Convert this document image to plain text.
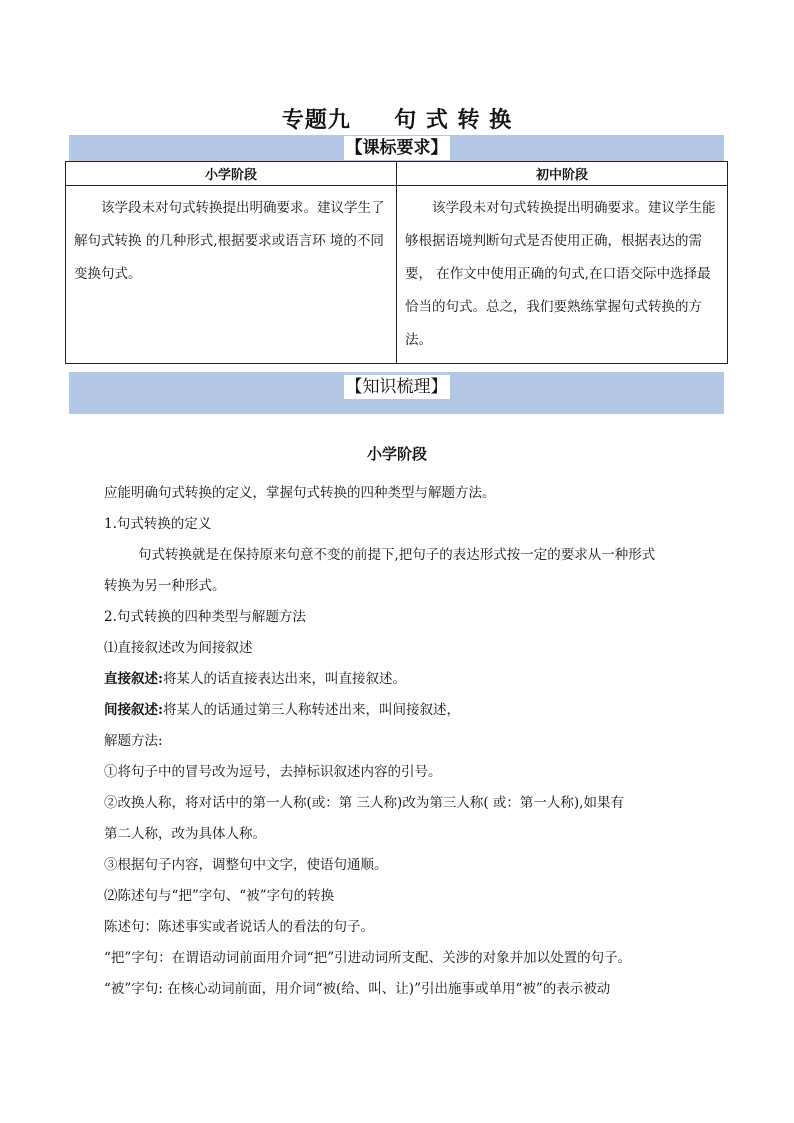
专题九     句 式 转 换
【课标要求】
小学阶段	初中阶段

该学段未对句式转换提出明确要求。建议学生了解句式转换 的几种形式,根据要求或语言环 境的不同变换句式。	该学段未对句式转换提出明确要求。建议学生能够根据语境判断句式是否使用正确，根据表达的需要， 在作文中使用正确的句式,在口语交际中选择最恰当的句式。总之，我们要熟练掌握句式转换的方法。

【知识梳理】
小学阶段
应能明确句式转换的定义，掌握句式转换的四种类型与解题方法。
1.句式转换的定义
句式转换就是在保持原来句意不变的前提下,把句子的表达形式按一定的要求从一种形式
转换为另一种形式。
2.句式转换的四种类型与解题方法
⑴直接叙述改为间接叙述
直接叙述:将某人的话直接表达出来，叫直接叙述。
间接叙述:将某人的话通过第三人称转述出来，叫间接叙述，
解题方法:
①将句子中的冒号改为逗号，去掉标识叙述内容的引号。
②改换人称，将对话中的第一人称(或：第 三人称)改为第三人称( 或：第一人称),如果有
第二人称，改为具体人称。
③根据句子内容，调整句中文字，使语句通顺。
⑵陈述句与“把”字句、“被”字句的转换
陈述句：陈述事实或者说话人的看法的句子。
“把”字句：在谓语动词前面用介词“把”引进动词所支配、关涉的对象并加以处置的句子。
“被”字句: 在核心动词前面，用介词“被(给、叫、让)”引出施事或单用“被”的表示被动
